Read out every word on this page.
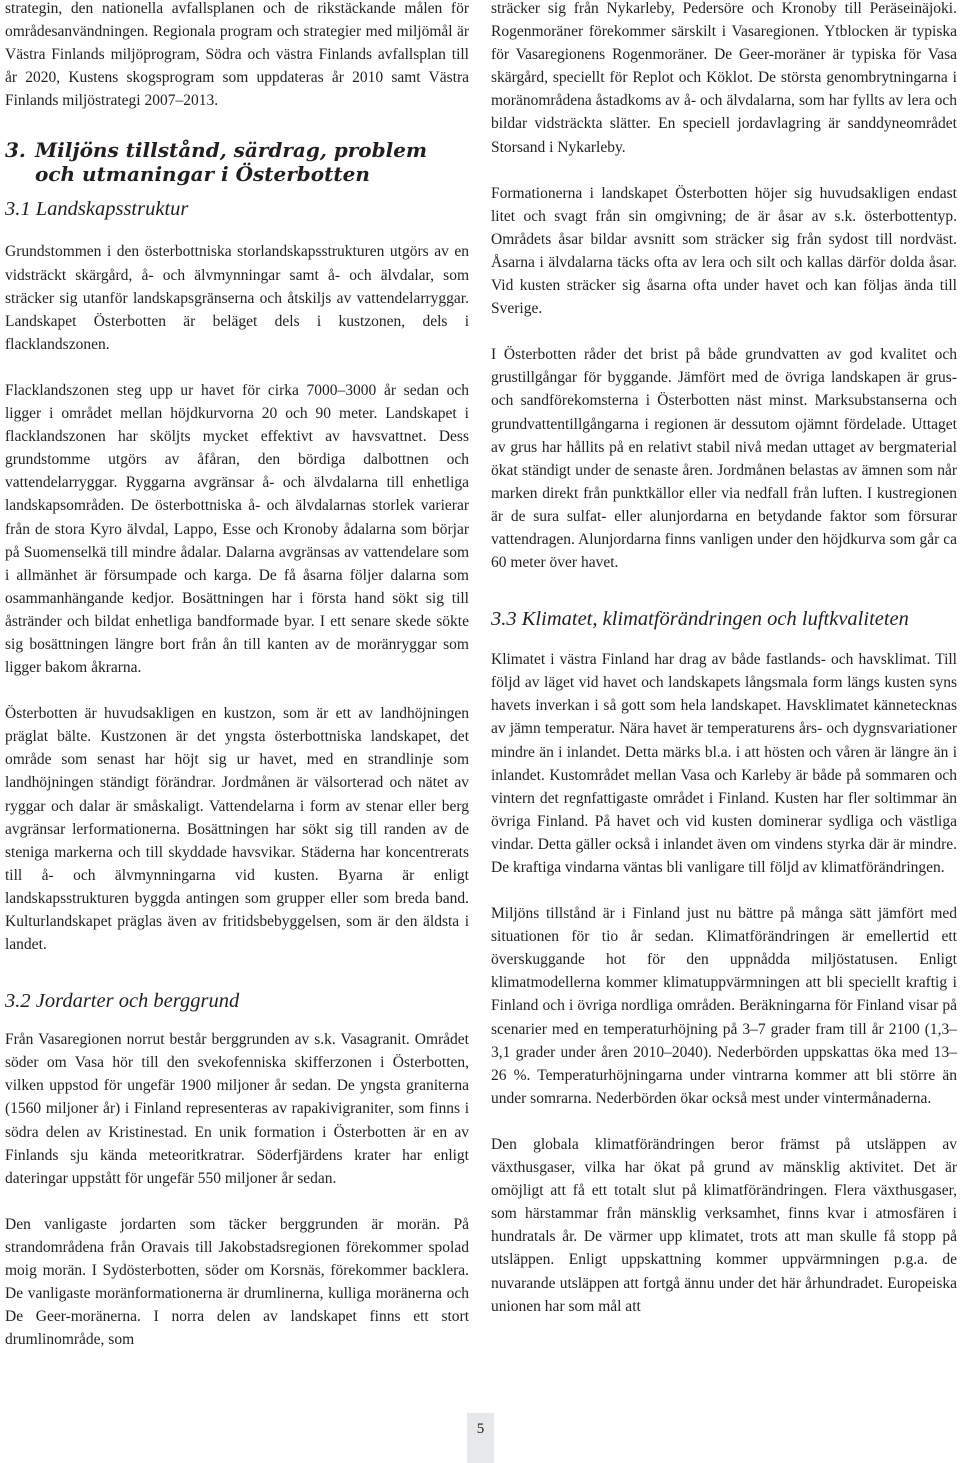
strategin, den nationella avfallsplanen och de rikstäckande målen för områdesanvändningen. Regionala program och strategier med miljömål är Västra Finlands miljöprogram, Södra och västra Finlands avfallsplan till år 2020, Kustens skogsprogram som uppdateras år 2010 samt Västra Finlands miljöstrategi 2007–2013.

3. Miljöns tillstånd, särdrag, problem och utmaningar i Österbotten
3.1 Landskapsstruktur

Grundstommen i den österbottniska storlandskapsstrukturen utgörs av en vidsträckt skärgård, å- och älvmynningar samt å- och älvdalar, som sträcker sig utanför landskapsgränserna och åtskiljs av vattendelarryggar. Landskapet Österbotten är beläget dels i kustzonen, dels i flacklandszonen.

Flacklandszonen steg upp ur havet för cirka 7000–3000 år sedan och ligger i området mellan höjdkurvorna 20 och 90 meter. Landskapet i flacklandszonen har sköljts mycket effektivt av havsvattnet. Dess grundstomme utgörs av åfåran, den bördiga dalbottnen och vattendelarryggar. Ryggarna avgränsar å- och älvdalarna till enhetliga landskapsområden. De österbottniska å- och älvdalarnas storlek varierar från de stora Kyro älvdal, Lappo, Esse och Kronoby ådalarna som börjar på Suomenselkä till mindre ådalar. Dalarna avgränsas av vattendelare som i allmänhet är försumpade och karga. De få åsarna följer dalarna som osammanhängande kedjor. Bosättningen har i första hand sökt sig till åstränder och bildat enhetliga bandformade byar. I ett senare skede sökte sig bosättningen längre bort från ån till kanten av de moränryggar som ligger bakom åkrarna.

Österbotten är huvudsakligen en kustzon, som är ett av landhöjningen präglat bälte. Kustzonen är det yngsta österbottniska landskapet, det område som senast har höjt sig ur havet, med en strandlinje som landhöjningen ständigt förändrar. Jordmånen är välsorterad och nätet av ryggar och dalar är småskaligt. Vattendelarna i form av stenar eller berg avgränsar lerformationerna. Bosättningen har sökt sig till randen av de steniga markerna och till skyddade havsvikar. Städerna har koncentrerats till å- och älvmynningarna vid kusten. Byarna är enligt landskapsstrukturen byggda antingen som grupper eller som breda band. Kulturlandskapet präglas även av fritidsbebyggelsen, som är den äldsta i landet.

3.2 Jordarter och berggrund

Från Vasaregionen norrut består berggrunden av s.k. Vasagranit. Området söder om Vasa hör till den svekofenniska skifferzonen i Österbotten, vilken uppstod för ungefär 1900 miljoner år sedan. De yngsta graniterna (1560 miljoner år) i Finland representeras av rapakivigraniter, som finns i södra delen av Kristinestad. En unik formation i Österbotten är en av Finlands sju kända meteoritkratrar. Söderfjärdens krater har enligt dateringar uppstått för ungefär 550 miljoner år sedan.

Den vanligaste jordarten som täcker berggrunden är morän. På strandområdena från Oravais till Jakobstadsregionen förekommer spolad moig morän. I Sydösterbotten, söder om Korsnäs, förekommer backlera. De vanligaste moränformationerna är drumlinerna, kulliga moränerna och De Geer-moränerna. I norra delen av landskapet finns ett stort drumlinområde, som

sträcker sig från Nykarleby, Pedersöre och Kronoby till Peräseinäjoki. Rogenmoräner förekommer särskilt i Vasaregionen. Ytblocken är typiska för Vasaregionens Rogenmoräner. De Geer-moräner är typiska för Vasa skärgård, speciellt för Replot och Köklot. De största genombrytningarna i moränområdena åstadkoms av å- och älvdalarna, som har fyllts av lera och bildar vidsträckta slätter. En speciell jordavlagring är sanddyneområdet Storsand i Nykarleby.

Formationerna i landskapet Österbotten höjer sig huvudsakligen endast litet och svagt från sin omgivning; de är åsar av s.k. österbottentyp. Områdets åsar bildar avsnitt som sträcker sig från sydost till nordväst. Åsarna i älvdalarna täcks ofta av lera och silt och kallas därför dolda åsar. Vid kusten sträcker sig åsarna ofta under havet och kan följas ända till Sverige.

I Österbotten råder det brist på både grundvatten av god kvalitet och grustillgångar för byggande. Jämfört med de övriga landskapen är grus- och sandförekomsterna i Österbotten näst minst. Marksubstanserna och grundvattentillgångarna i regionen är dessutom ojämnt fördelade. Uttaget av grus har hållits på en relativt stabil nivå medan uttaget av bergmaterial ökat ständigt under de senaste åren. Jordmånen belastas av ämnen som når marken direkt från punktkällor eller via nedfall från luften. I kustregionen är de sura sulfat- eller alunjordarna en betydande faktor som försurar vattendragen. Alunjordarna finns vanligen under den höjdkurva som går ca 60 meter över havet.

3.3 Klimatet, klimatförändringen och luftkvaliteten

Klimatet i västra Finland har drag av både fastlands- och havsklimat. Till följd av läget vid havet och landskapets långsmala form längs kusten syns havets inverkan i så gott som hela landskapet. Havsklimatet kännetecknas av jämn temperatur. Nära havet är temperaturens års- och dygnsvariationer mindre än i inlandet. Detta märks bl.a. i att hösten och våren är längre än i inlandet. Kustområdet mellan Vasa och Karleby är både på sommaren och vintern det regnfattigaste området i Finland. Kusten har fler soltimmar än övriga Finland. På havet och vid kusten dominerar sydliga och västliga vindar. Detta gäller också i inlandet även om vindens styrka där är mindre. De kraftiga vindarna väntas bli vanligare till följd av klimatförändringen.

Miljöns tillstånd är i Finland just nu bättre på många sätt jämfört med situationen för tio år sedan. Klimatförändringen är emellertid ett överskuggande hot för den uppnådda miljöstatusen. Enligt klimatmodellerna kommer klimatuppvärmningen att bli speciellt kraftig i Finland och i övriga nordliga områden. Beräkningarna för Finland visar på scenarier med en temperaturhöjning på 3–7 grader fram till år 2100 (1,3–3,1 grader under åren 2010–2040). Nederbörden uppskattas öka med 13–26 %. Temperaturhöjningarna under vintrarna kommer att bli större än under somrarna. Nederbörden ökar också mest under vintermånaderna.

Den globala klimatförändringen beror främst på utsläppen av växthusgaser, vilka har ökat på grund av mänsklig aktivitet. Det är omöjligt att få ett totalt slut på klimatförändringen. Flera växthusgaser, som härstammar från mänsklig verksamhet, finns kvar i atmosfären i hundratals år. De värmer upp klimatet, trots att man skulle få stopp på utsläppen. Enligt uppskattning kommer uppvärmningen p.g.a. de nuvarande utsläppen att fortgå ännu under det här århundradet. Europeiska unionen har som mål att

5
